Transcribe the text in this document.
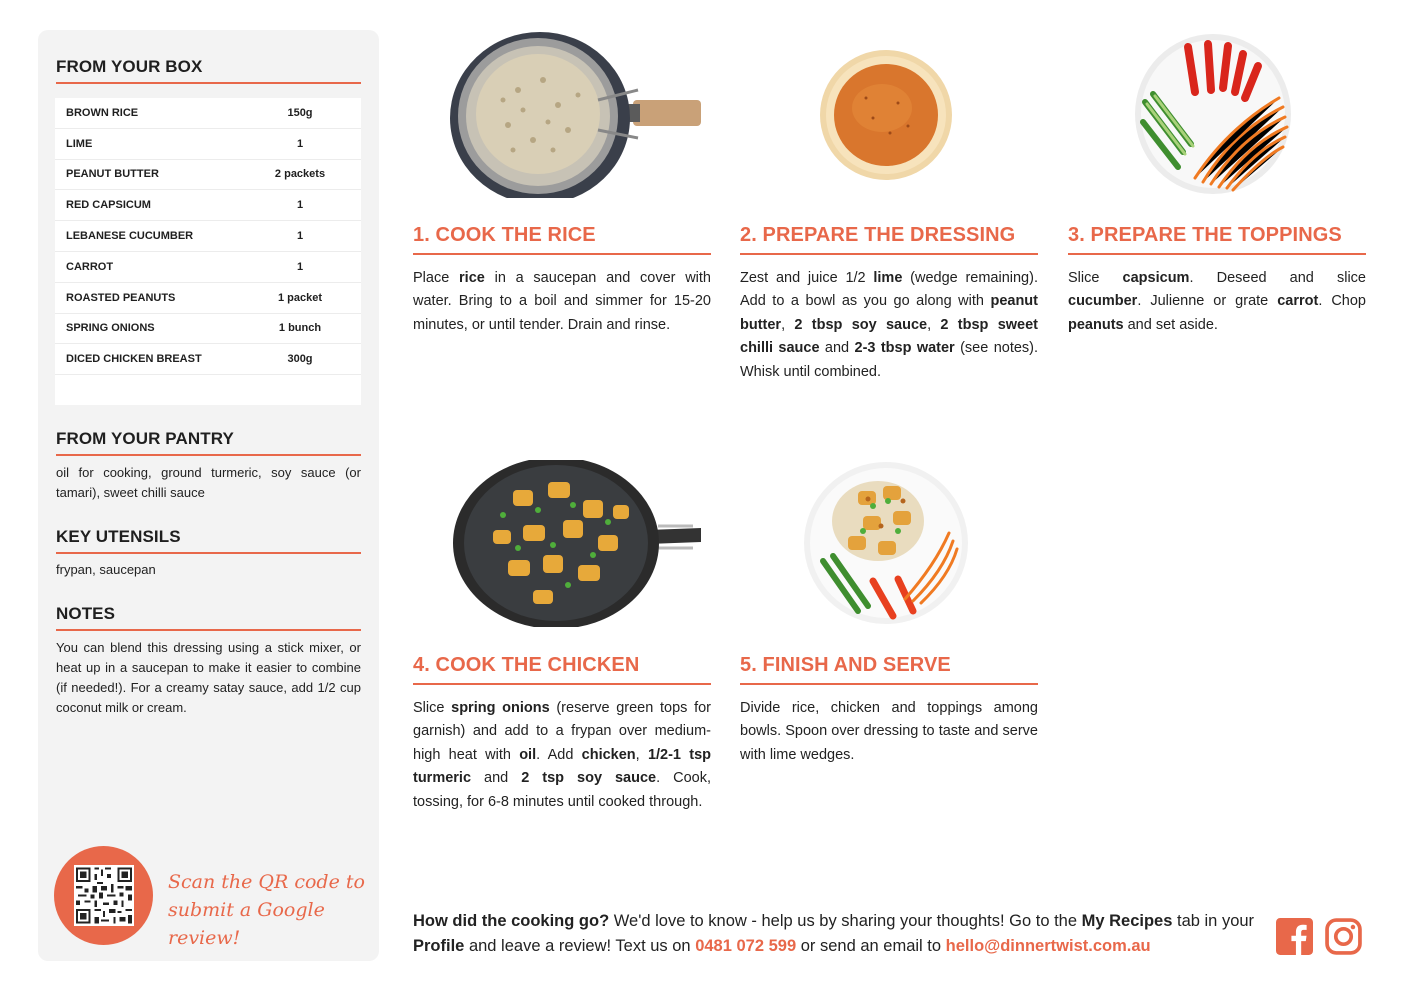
FROM YOUR BOX
BROWN RICE	150g
LIME	1
PEANUT BUTTER	2 packets
RED CAPSICUM	1
LEBANESE CUCUMBER	1
CARROT	1
ROASTED PEANUTS	1 packet
SPRING ONIONS	1 bunch
DICED CHICKEN BREAST	300g
FROM YOUR PANTRY
oil for cooking, ground turmeric, soy sauce (or tamari), sweet chilli sauce
KEY UTENSILS
frypan, saucepan
NOTES
You can blend this dressing using a stick mixer, or heat up in a saucepan to make it easier to combine (if needed!). For a creamy satay sauce, add 1/2 cup coconut milk or cream.
Scan the QR code to
submit a Google review!
1. COOK THE RICE
Place rice in a saucepan and cover with water. Bring to a boil and simmer for 15-20 minutes, or until tender. Drain and rinse.
2. PREPARE THE DRESSING
Zest and juice 1/2 lime (wedge remaining). Add to a bowl as you go along with peanut butter, 2 tbsp soy sauce, 2 tbsp sweet chilli sauce and 2-3 tbsp water (see notes). Whisk until combined.
3. PREPARE THE TOPPINGS
Slice capsicum. Deseed and slice cucumber. Julienne or grate carrot. Chop peanuts and set aside.
4. COOK THE CHICKEN
Slice spring onions (reserve green tops for garnish) and add to a frypan over medium-high heat with oil. Add chicken, 1/2-1 tsp turmeric and 2 tsp soy sauce. Cook, tossing, for 6-8 minutes until cooked through.
5. FINISH AND SERVE
Divide rice, chicken and toppings among bowls. Spoon over dressing to taste and serve with lime wedges.
How did the cooking go? We'd love to know - help us by sharing your thoughts! Go to the My Recipes tab in your Profile and leave a review! Text us on 0481 072 599 or send an email to hello@dinnertwist.com.au
